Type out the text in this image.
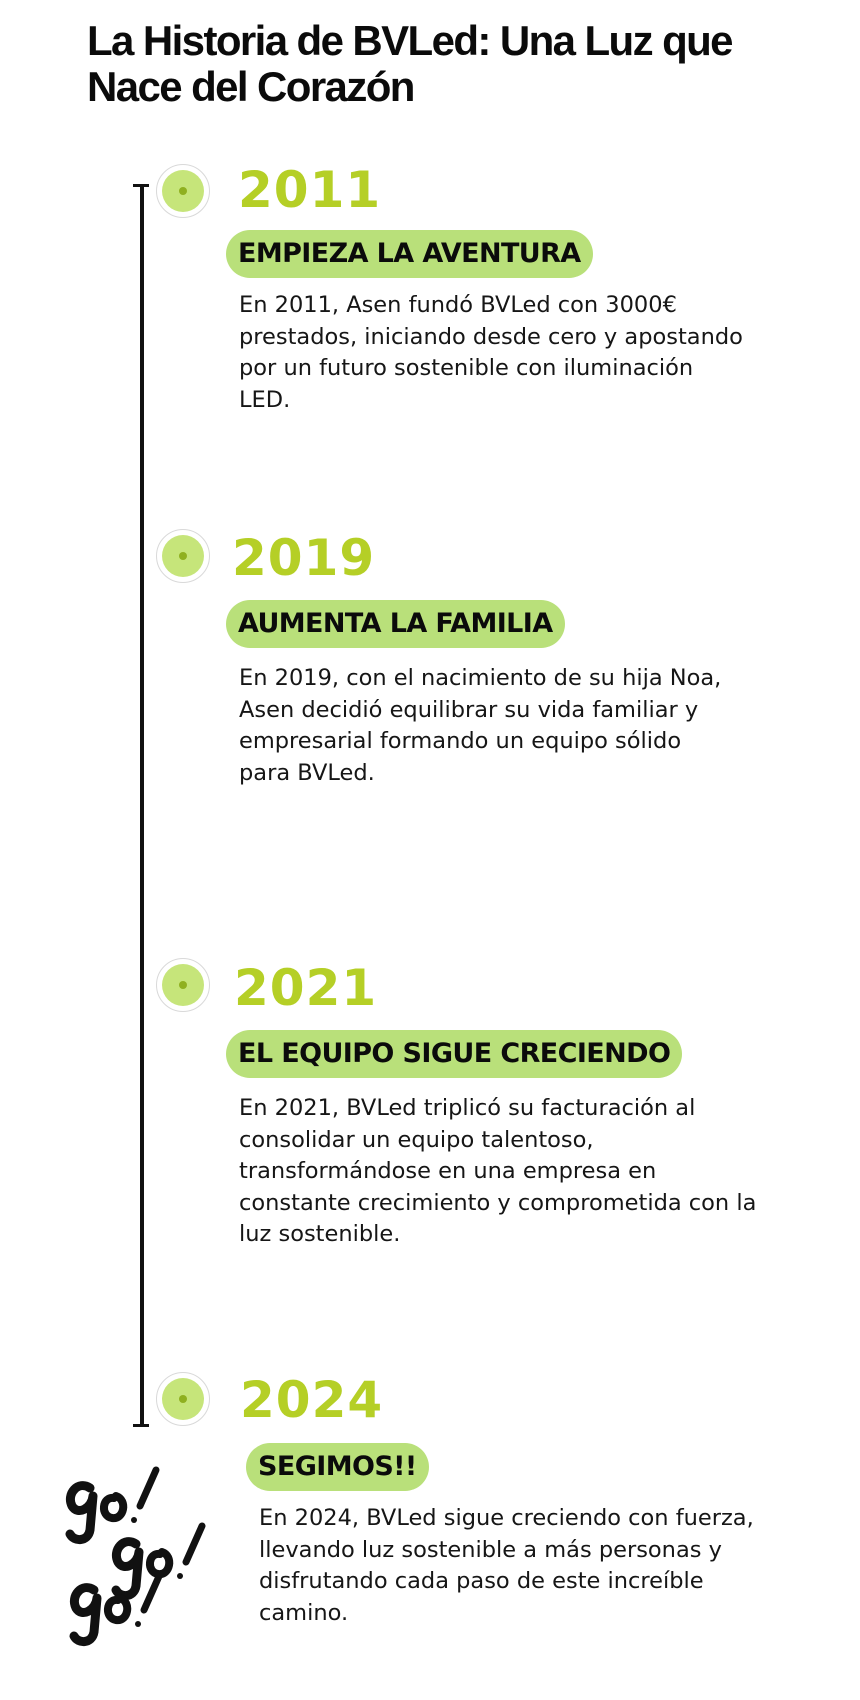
La Historia de BVLed: Una Luz que Nace del Corazón
2011
EMPIEZA LA AVENTURA

En 2011, Asen fundó BVLed con 3000€ prestados, iniciando desde cero y apostando por un futuro sostenible con iluminación LED.

2019
AUMENTA LA FAMILIA

En 2019, con el nacimiento de su hija Noa, Asen decidió equilibrar su vida familiar y empresarial formando un equipo sólido para BVLed.

2021
EL EQUIPO SIGUE CRECIENDO

En 2021, BVLed triplicó su facturación al consolidar un equipo talentoso, transformándose en una empresa en constante crecimiento y comprometida con la luz sostenible.

2024
SEGIMOS!!

En 2024, BVLed sigue creciendo con fuerza, llevando luz sostenible a más personas y disfrutando cada paso de este increíble camino.
